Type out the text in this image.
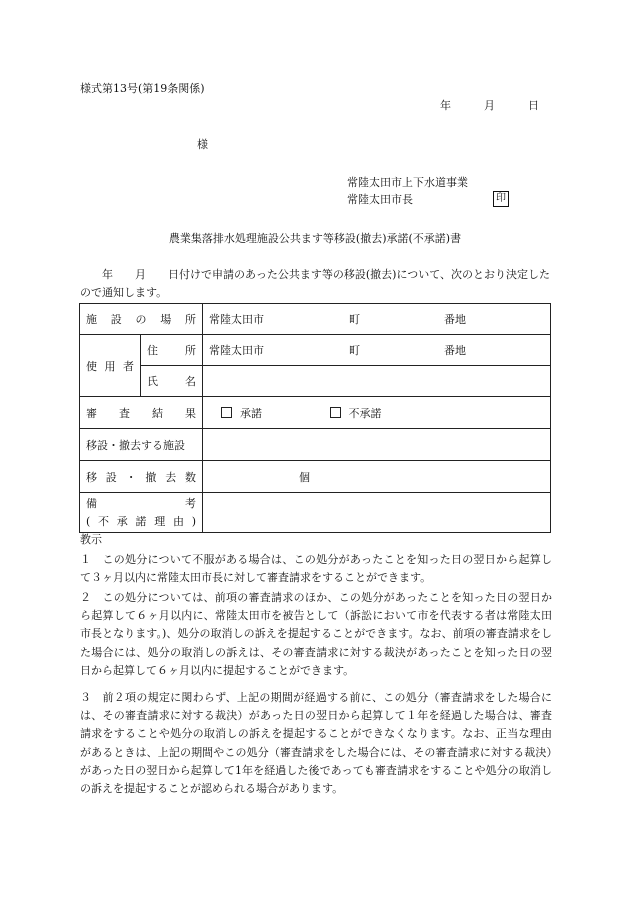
様式第13号(第19条関係)
年	月	日
様
常陸太田市上下水道事業
常陸太田市長	印
農業集落排水処理施設公共ます等移設(撤去)承諾(不承諾)書
　　年　　月　　日付けで申請のあった公共ます等の移設(撤去)について、次のとおり決定したので通知します。
施設の場所		常陸太田市 町 番地

使用者	住所	常陸太田市 町 番地

	氏名	

審査結果		承諾 不承諾
移設・撤去する施設		

移設・撤去数		個

備考
(不承諾理由)		

教示
１　この処分について不服がある場合は、この処分があったことを知った日の翌日から起算して３ヶ月以内に常陸太田市長に対して審査請求をすることができます。
２　この処分については、前項の審査請求のほか、この処分があったことを知った日の翌日から起算して６ヶ月以内に、常陸太田市を被告として（訴訟において市を代表する者は常陸太田市長となります。)、処分の取消しの訴えを提起することができます。なお、前項の審査請求をした場合には、処分の取消しの訴えは、その審査請求に対する裁決があったことを知った日の翌日から起算して６ヶ月以内に提起することができます。
３　前２項の規定に関わらず、上記の期間が経過する前に、この処分（審査請求をした場合には、その審査請求に対する裁決）があった日の翌日から起算して１年を経過した場合は、審査請求をすることや処分の取消しの訴えを提起することができなくなります。なお、正当な理由があるときは、上記の期間やこの処分（審査請求をした場合には、その審査請求に対する裁決）があった日の翌日から起算して1年を経過した後であっても審査請求をすることや処分の取消しの訴えを提起することが認められる場合があります。
